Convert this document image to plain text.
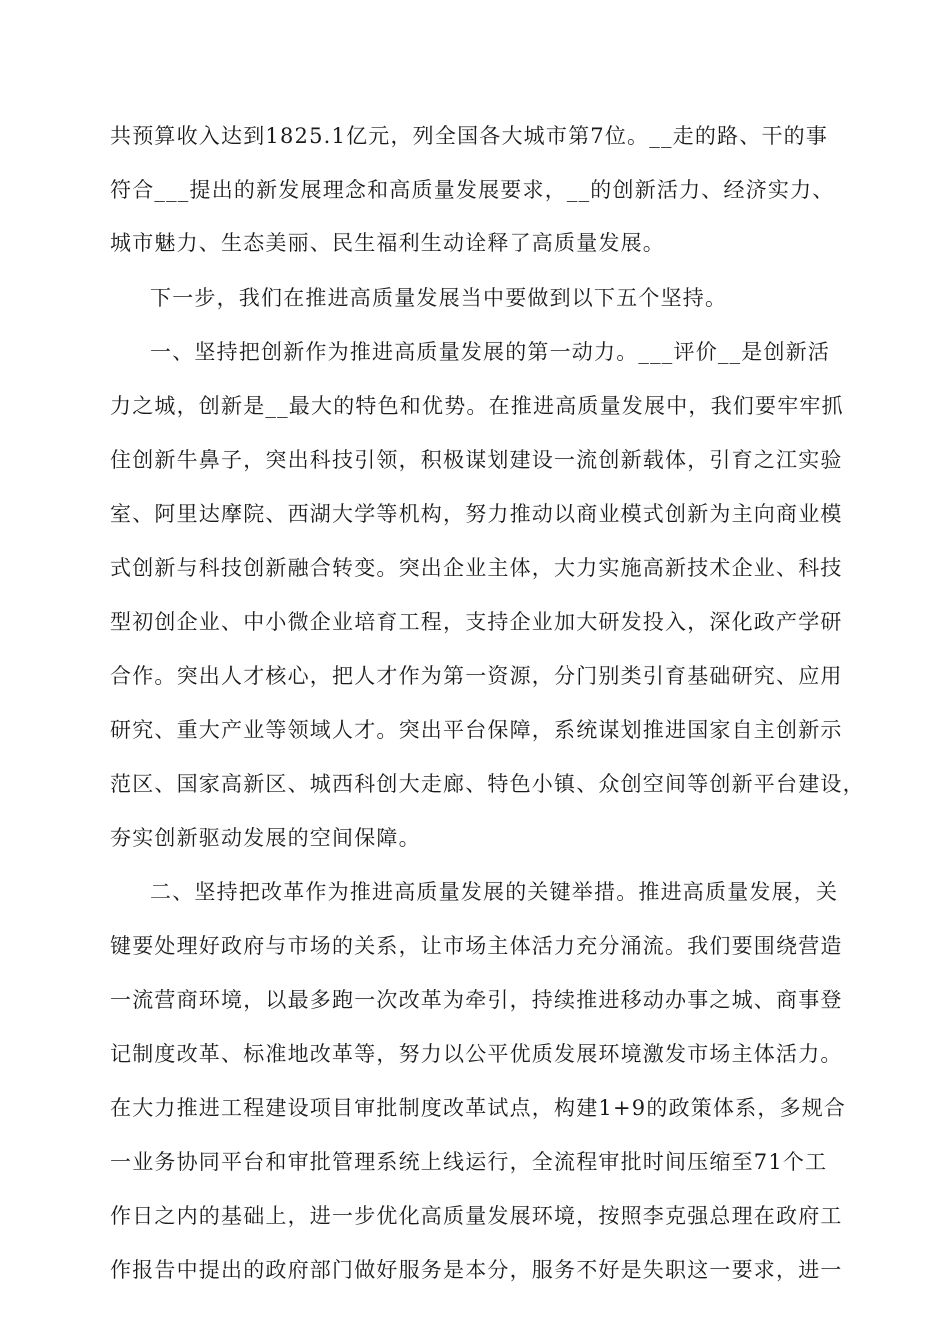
共预算收入达到1825.1亿元，列全国各大城市第7位。__走的路、干的事
符合___提出的新发展理念和高质量发展要求，__的创新活力、经济实力、
城市魅力、生态美丽、民生福利生动诠释了高质量发展。
下一步，我们在推进高质量发展当中要做到以下五个坚持。
一、坚持把创新作为推进高质量发展的第一动力。___评价__是创新活
力之城，创新是__最大的特色和优势。在推进高质量发展中，我们要牢牢抓
住创新牛鼻子，突出科技引领，积极谋划建设一流创新载体，引育之江实验
室、阿里达摩院、西湖大学等机构，努力推动以商业模式创新为主向商业模
式创新与科技创新融合转变。突出企业主体，大力实施高新技术企业、科技
型初创企业、中小微企业培育工程，支持企业加大研发投入，深化政产学研
合作。突出人才核心，把人才作为第一资源，分门别类引育基础研究、应用
研究、重大产业等领域人才。突出平台保障，系统谋划推进国家自主创新示
范区、国家高新区、城西科创大走廊、特色小镇、众创空间等创新平台建设，
夯实创新驱动发展的空间保障。
二、坚持把改革作为推进高质量发展的关键举措。推进高质量发展，关
键要处理好政府与市场的关系，让市场主体活力充分涌流。我们要围绕营造
一流营商环境，以最多跑一次改革为牵引，持续推进移动办事之城、商事登
记制度改革、标准地改革等，努力以公平优质发展环境激发市场主体活力。
在大力推进工程建设项目审批制度改革试点，构建1+9的政策体系，多规合
一业务协同平台和审批管理系统上线运行，全流程审批时间压缩至71个工
作日之内的基础上，进一步优化高质量发展环境，按照李克强总理在政府工
作报告中提出的政府部门做好服务是本分，服务不好是失职这一要求，进一
